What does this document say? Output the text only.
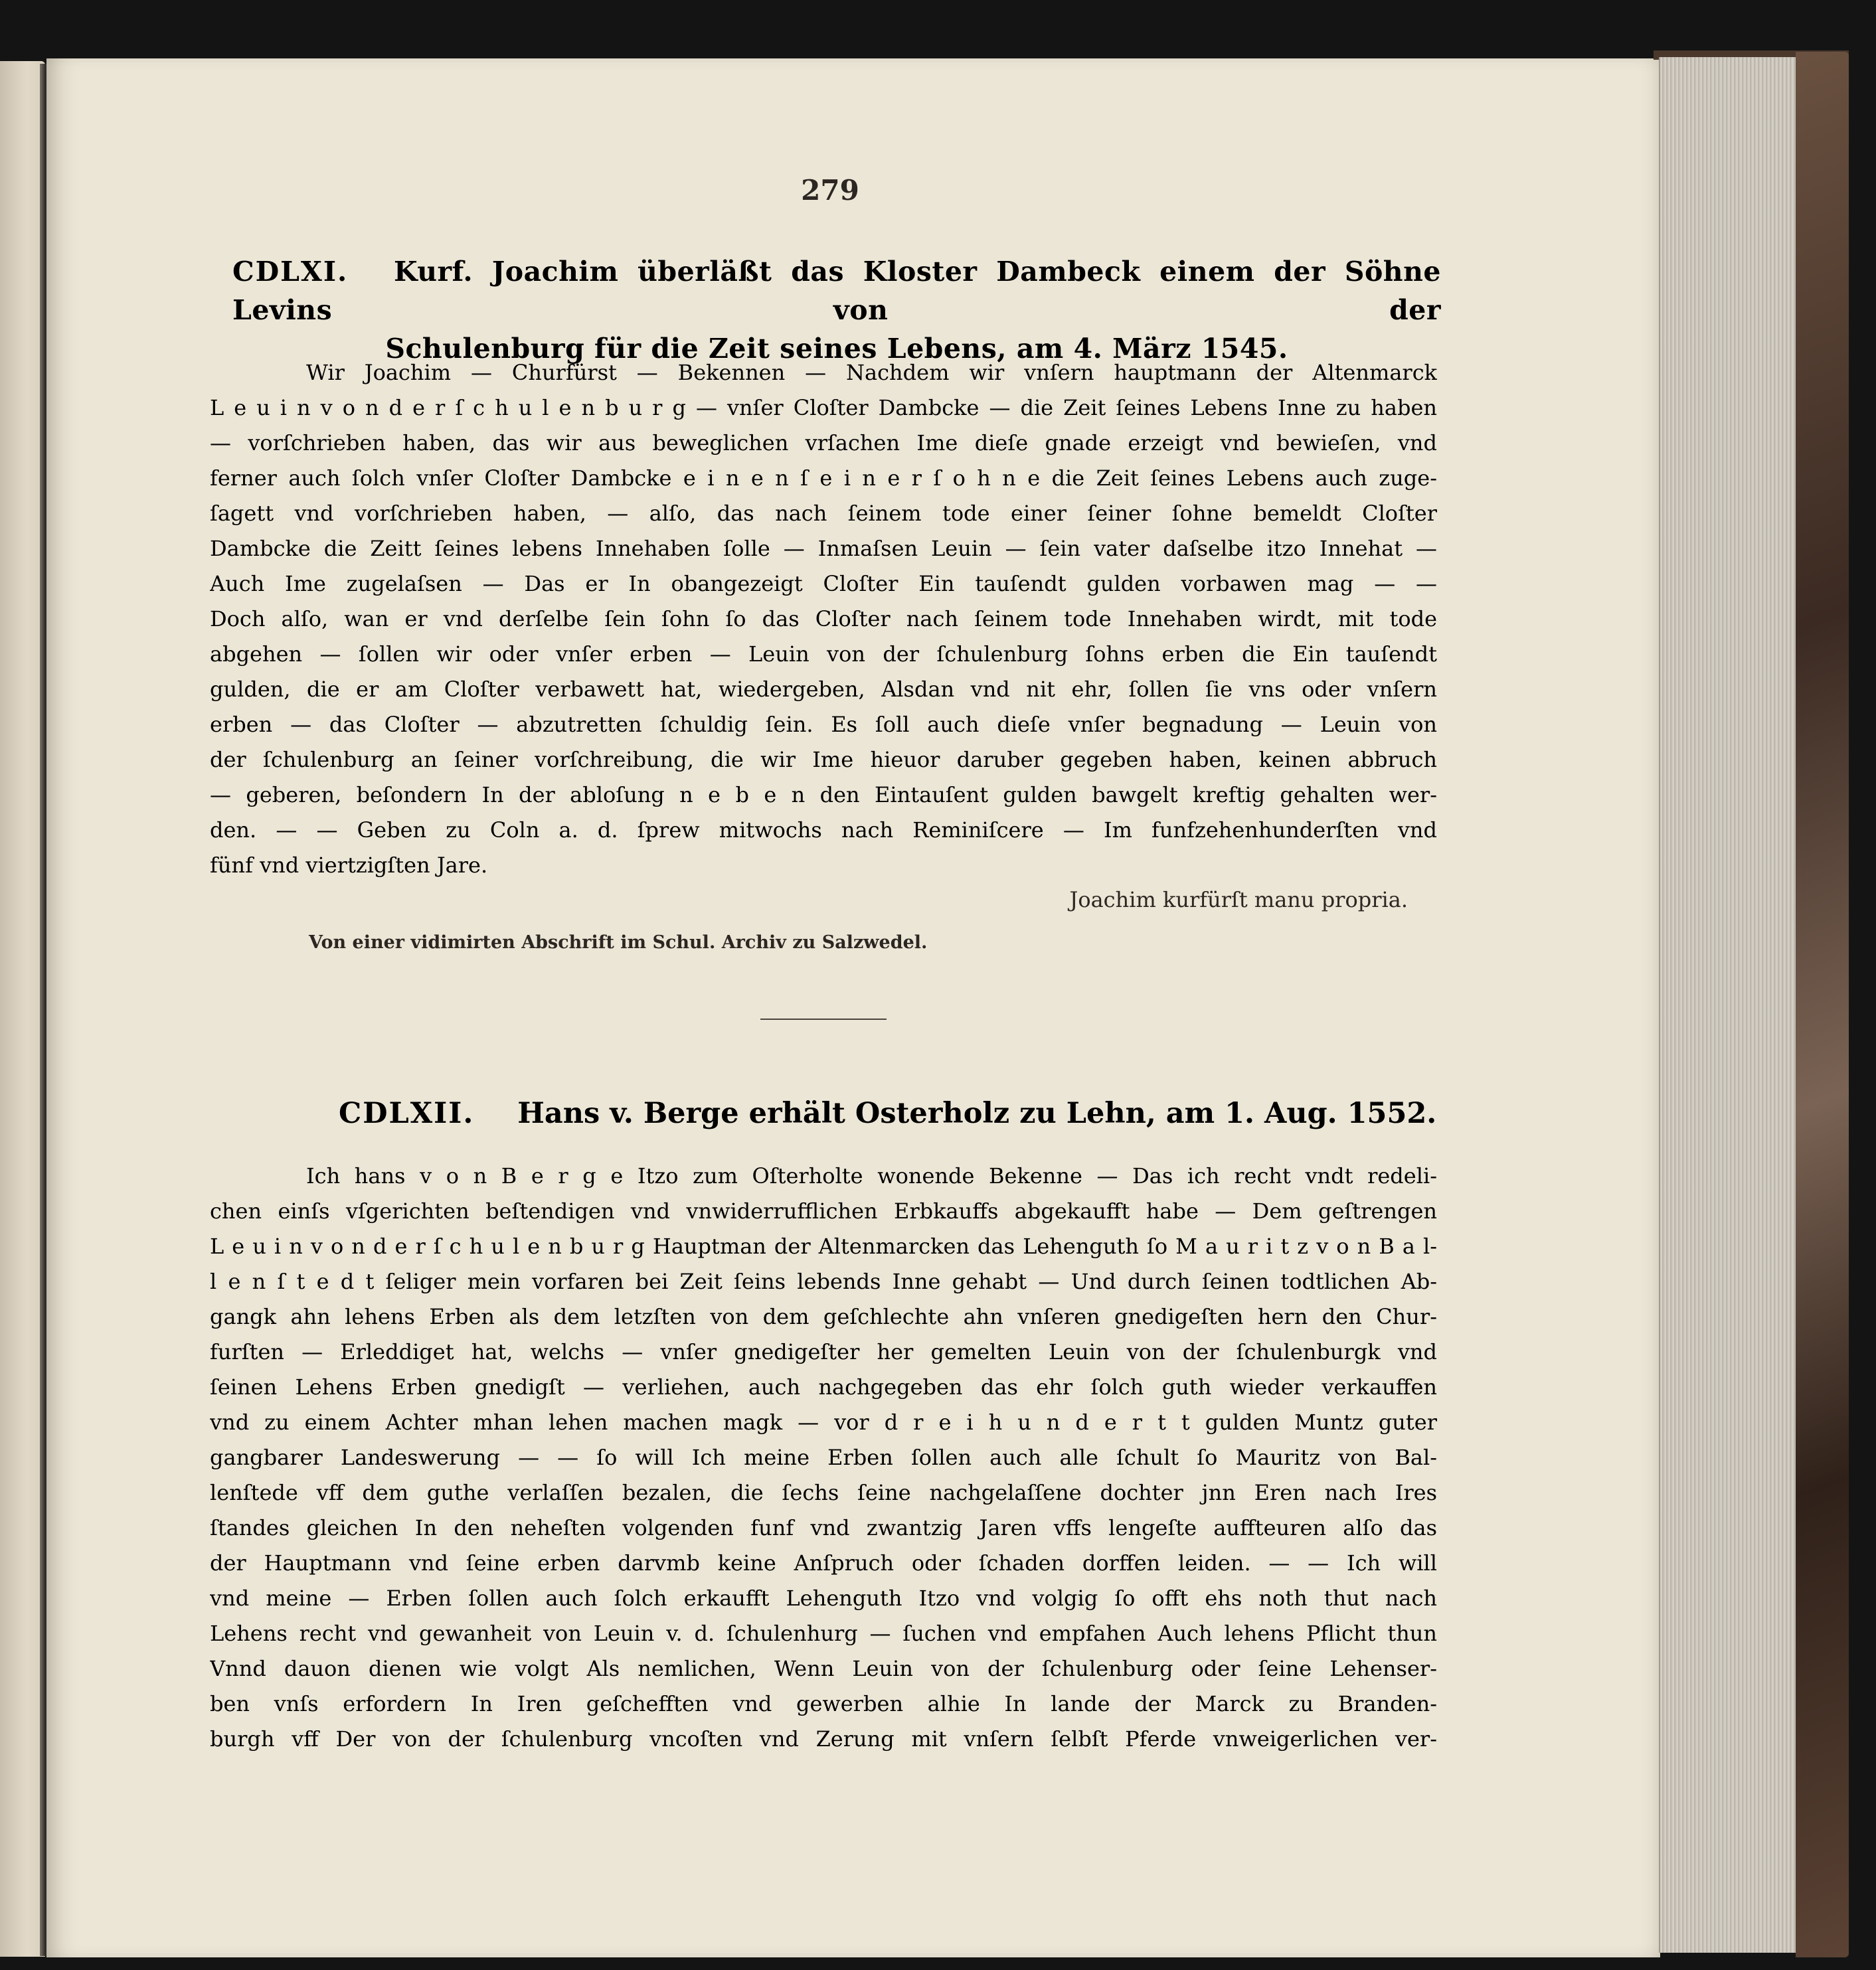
279
CDLXI. Kurf. Joachim überläßt das Kloster Dambeck einem der Söhne Levins von der
Schulenburg für die Zeit seines Lebens, am 4. März 1545.
Wir Joachim — Churfürst — Bekennen — Nachdem wir vnſern hauptmann der Altenmarck
L e u i n v o n d e r ſ c h u l e n b u r g — vnſer Cloſter Dambcke — die Zeit ſeines Lebens Inne zu haben
— vorſchrieben haben, das wir aus beweglichen vrſachen Ime dieſe gnade erzeigt vnd bewieſen, vnd
ferner auch ſolch vnſer Cloſter Dambcke e i n e n ſ e i n e r ſ o h n e die Zeit ſeines Lebens auch zuge-
ſagett vnd vorſchrieben haben, — alſo, das nach ſeinem tode einer ſeiner ſohne bemeldt Cloſter
Dambcke die Zeitt ſeines lebens Innehaben ſolle — Inmaſsen Leuin — ſein vater daſselbe itzo Innehat —
Auch Ime zugelaſsen — Das er In obangezeigt Cloſter Ein tauſendt gulden vorbawen mag — —
Doch alſo, wan er vnd derſelbe ſein ſohn ſo das Cloſter nach ſeinem tode Innehaben wirdt, mit tode
abgehen — ſollen wir oder vnſer erben — Leuin von der ſchulenburg ſohns erben die Ein tauſendt
gulden, die er am Cloſter verbawett hat, wiedergeben, Alsdan vnd nit ehr, ſollen ſie vns oder vnſern
erben — das Cloſter — abzutretten ſchuldig ſein. Es ſoll auch dieſe vnſer begnadung — Leuin von
der ſchulenburg an ſeiner vorſchreibung, die wir Ime hieuor daruber gegeben haben, keinen abbruch
— geberen, beſondern In der abloſung n e b e n den Eintauſent gulden bawgelt kreftig gehalten wer-
den. — — Geben zu Coln a. d. ſprew mitwochs nach Reminiſcere — Im funfzehenhunderſten vnd
fünf vnd viertzigſten Jare.
Joachim kurfürſt manu propria.
Von einer vidimirten Abschrift im Schul. Archiv zu Salzwedel.
CDLXII. Hans v. Berge erhält Osterholz zu Lehn, am 1. Aug. 1552.
Ich hans v o n B e r g e Itzo zum Oſterholte wonende Bekenne — Das ich recht vndt redeli-
chen einſs vſgerichten beſtendigen vnd vnwiderrufflichen Erbkauffs abgekaufft habe — Dem geſtrengen
L e u i n v o n d e r ſ c h u l e n b u r g Hauptman der Altenmarcken das Lehenguth ſo M a u r i t z v o n B a l-
l e n ſ t e d t ſeliger mein vorfaren bei Zeit ſeins lebends Inne gehabt — Und durch ſeinen todtlichen Ab-
gangk ahn lehens Erben als dem letzſten von dem geſchlechte ahn vnſeren gnedigeſten hern den Chur-
furſten — Erleddiget hat, welchs — vnſer gnedigeſter her gemelten Leuin von der ſchulenburgk vnd
ſeinen Lehens Erben gnedigſt — verliehen, auch nachgegeben das ehr ſolch guth wieder verkauffen
vnd zu einem Achter mhan lehen machen magk — vor d r e i h u n d e r t t gulden Muntz guter
gangbarer Landeswerung — — ſo will Ich meine Erben ſollen auch alle ſchult ſo Mauritz von Bal-
lenſtede vff dem guthe verlaſſen bezalen, die ſechs ſeine nachgelaſſene dochter jnn Eren nach Ires
ſtandes gleichen In den neheſten volgenden funf vnd zwantzig Jaren vffs lengeſte auffteuren alſo das
der Hauptmann vnd ſeine erben darvmb keine Anſpruch oder ſchaden dorffen leiden. — — Ich will
vnd meine — Erben ſollen auch ſolch erkaufft Lehenguth Itzo vnd volgig ſo offt ehs noth thut nach
Lehens recht vnd gewanheit von Leuin v. d. ſchulenhurg — ſuchen vnd empfahen Auch lehens Pflicht thun
Vnnd dauon dienen wie volgt Als nemlichen, Wenn Leuin von der ſchulenburg oder ſeine Lehenser-
ben vnſs erfordern In Iren geſchefften vnd gewerben alhie In lande der Marck zu Branden-
burgh vff Der von der ſchulenburg vncoſten vnd Zerung mit vnſern ſelbſt Pferde vnweigerlichen ver-
